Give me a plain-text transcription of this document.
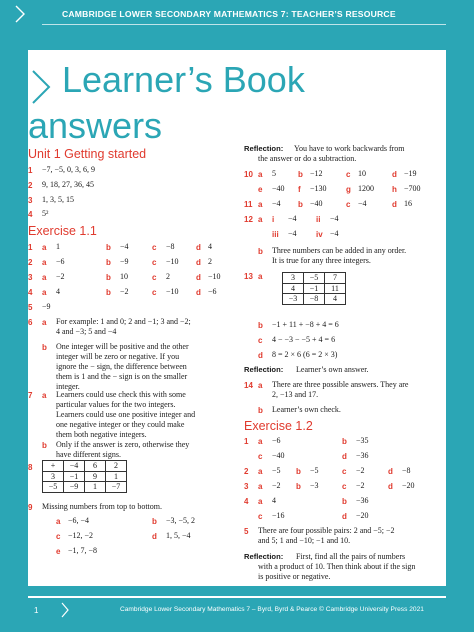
CAMBRIDGE LOWER SECONDARY MATHEMATICS 7: TEACHER’S RESOURCE
1	Cambridge Lower Secondary Mathematics 7 – Byrd, Byrd & Pearce © Cambridge University Press 2021
Learner’s Book
answers
Unit 1 Getting started
1 −7, −5, 0, 3, 6, 9
2 9, 18, 27, 36, 45
3 1, 3, 5, 15
4 5²
Exercise 1.1
1 a 1	b −4	c −8	d 4
2 a −6	b −9	c −10 d 2
3 a −2	b 10	c 2	d −10
4 a 4	b −2	c −10 d −6
5 −9
6 a For example: 1 and 0; 2 and −1; 3 and −2;
4 and −3; 5 and −4
b One integer will be positive and the other
integer will be zero or negative. If you
ignore the − sign, the difference between
them is 1 and the − sign is on the smaller
integer.
7 a Learners could use check this with some
particular values for the two integers.
Learners could use one positive integer and
one negative integer or they could make
them both negative integers.
b Only if the answer is zero, otherwise they
have different signs.
8 +	−4	6	2
3	−1	9	1
−5	−9	1	−7
9 Missing numbers from top to bottom.
a −6, −4	b −3, −5, 2
c −12, −2	d 1, 5, −4
e −1, 7, −8
Reflection: You have to work backwards from
the answer or do a subtraction.
10 a 5	b −12	c 10	d −19
e −40 f −130 g 1200 h −700
11 a −4 b −40	c −4	d 16
12 a i −4 ii −4
iii −4 iv −4
b Three numbers can be added in any order.
It is true for any three integers.
13 a	3	−5	7
4	−1	11
−3	−8	4
b −1 + 11 + −8 + 4 = 6
c 4 − −3 − −5 + 4 = 6
d 8 = 2 × 6 (6 = 2 × 3)
Reflection: Learner’s own answer.
14 a There are three possible answers. They are
2, −13 and 17.
b Learner’s own check.
Exercise 1.2
1 a −6	b −35
c −40	d −36
2 a −5 b −5	c −2	d −8
3 a −2 b −3	c −2	d −20
4 a 4	b −36
c −16	d −20
5 There are four possible pairs: 2 and −5; −2
and 5; 1 and −10; −1 and 10.
Reflection: First, find all the pairs of numbers
with a product of 10. Then think about if the sign
is positive or negative.
